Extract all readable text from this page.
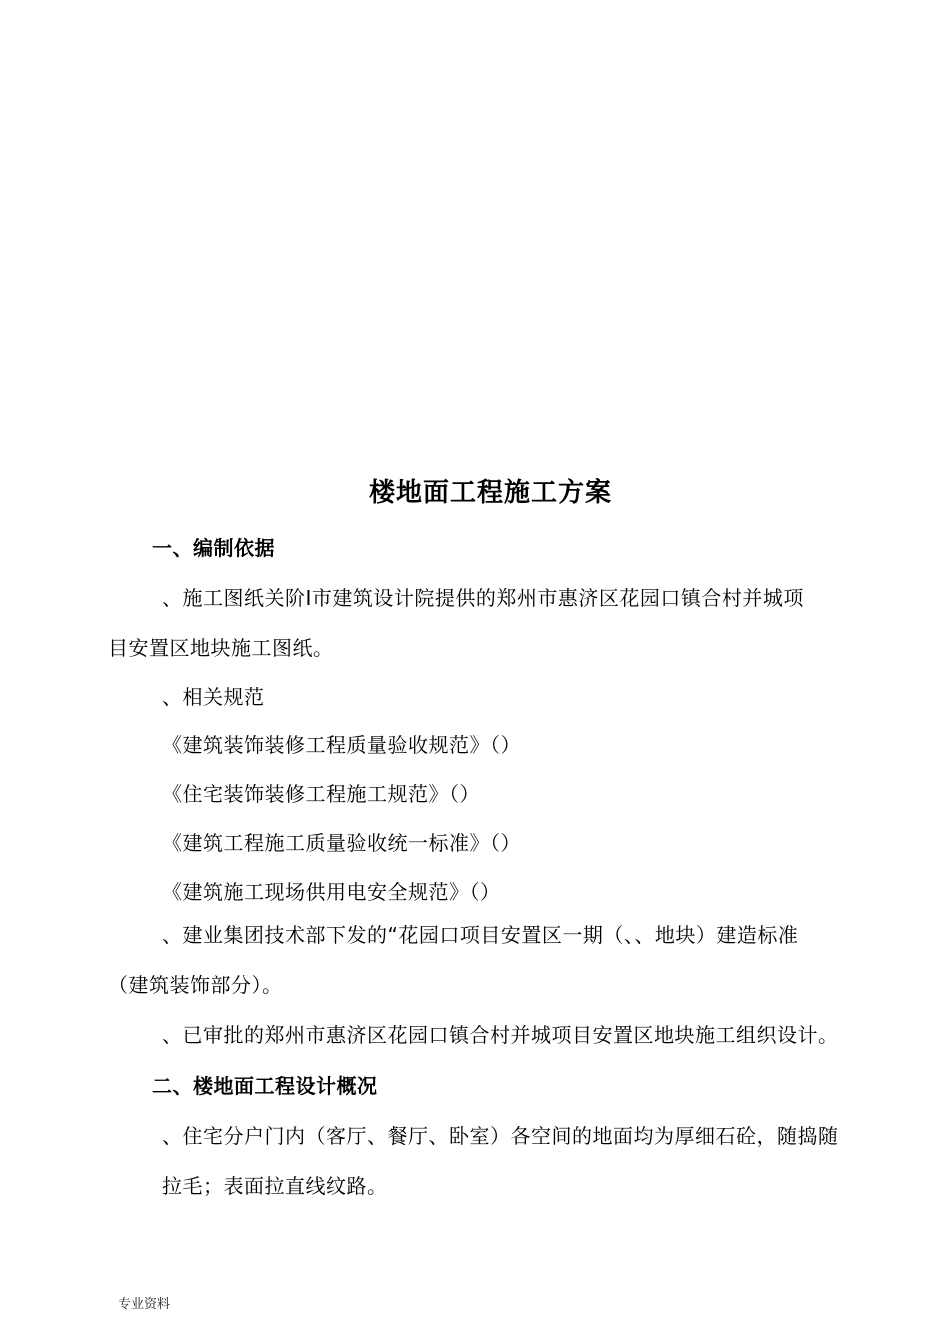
楼地面工程施工方案
一、编制依据
、施工图纸关阶Ⅰ市建筑设计院提供的郑州市惠济区花园口镇合村并城项
目安置区地块施工图纸。
、相关规范
《建筑装饰装修工程质量验收规范》（）
《住宅装饰装修工程施工规范》（）
《建筑工程施工质量验收统一标准》（）
《建筑施工现场供用电安全规范》（）
、建业集团技术部下发的“花园口项目安置区一期（、、地块）建造标准
（建筑装饰部分）。
、已审批的郑州市惠济区花园口镇合村并城项目安置区地块施工组织设计。
二、楼地面工程设计概况
、住宅分户门内（客厅、餐厅、卧室）各空间的地面均为厚细石砼，随捣随
拉毛；表面拉直线纹路。
专业资料
